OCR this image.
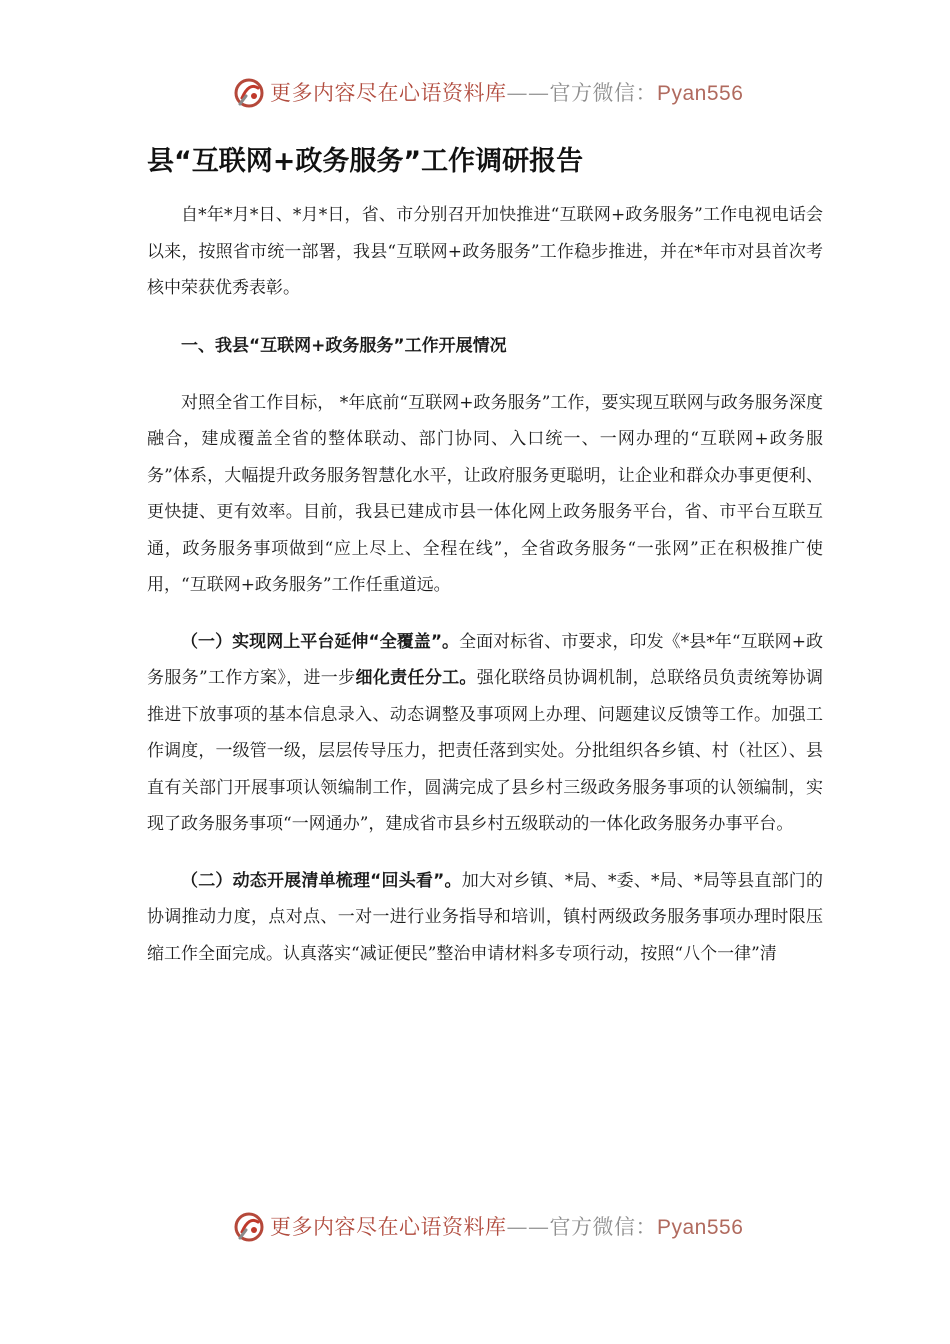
更多内容尽在心语资料库——官方微信：Pyan556
县“互联网+政务服务”工作调研报告

自*年*月*日、*月*日，省、市分别召开加快推进“互联网+政务服务”工作电视电话会以来，按照省市统一部署，我县“互联网+政务服务”工作稳步推进，并在*年市对县首次考核中荣获优秀表彰。

一、我县“互联网+政务服务”工作开展情况

对照全省工作目标， *年底前“互联网+政务服务”工作，要实现互联网与政务服务深度融合，建成覆盖全省的整体联动、部门协同、入口统一、一网办理的“互联网+政务服务”体系，大幅提升政务服务智慧化水平，让政府服务更聪明，让企业和群众办事更便利、更快捷、更有效率。目前，我县已建成市县一体化网上政务服务平台，省、市平台互联互通，政务服务事项做到“应上尽上、全程在线”，全省政务服务“一张网”正在积极推广使用，“互联网+政务服务”工作任重道远。

（一）实现网上平台延伸“全覆盖”。全面对标省、市要求，印发《*县*年“互联网+政务服务”工作方案》，进一步细化责任分工。强化联络员协调机制，总联络员负责统筹协调推进下放事项的基本信息录入、动态调整及事项网上办理、问题建议反馈等工作。加强工作调度，一级管一级，层层传导压力，把责任落到实处。分批组织各乡镇、村（社区）、县直有关部门开展事项认领编制工作，圆满完成了县乡村三级政务服务事项的认领编制，实现了政务服务事项“一网通办”，建成省市县乡村五级联动的一体化政务服务办事平台。

（二）动态开展清单梳理“回头看”。加大对乡镇、*局、*委、*局、*局等县直部门的协调推动力度，点对点、一对一进行业务指导和培训，镇村两级政务服务事项办理时限压缩工作全面完成。认真落实“减证便民”整治申请材料多专项行动，按照“八个一律”清

更多内容尽在心语资料库——官方微信：Pyan556
